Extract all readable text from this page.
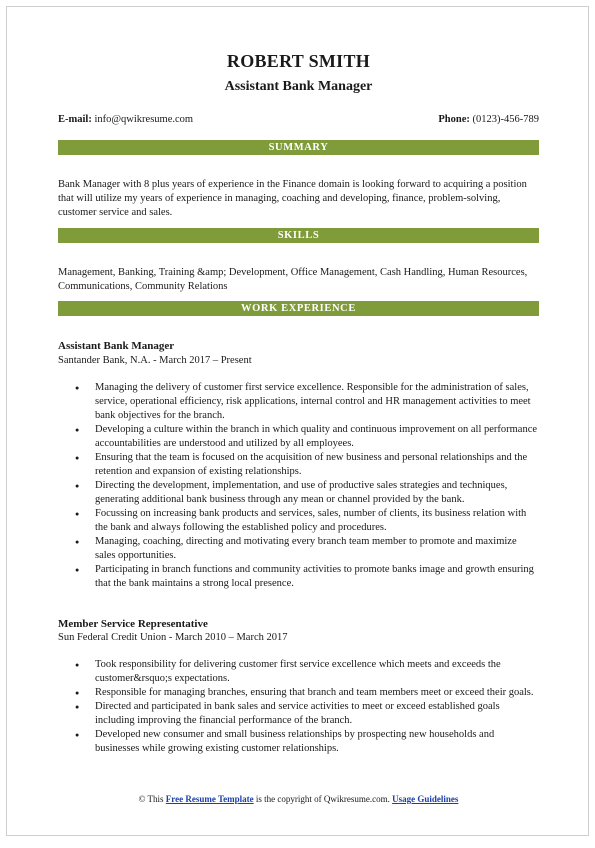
ROBERT SMITH
Assistant Bank Manager
E-mail: info@qwikresume.com	Phone: (0123)-456-789
SUMMARY
Bank Manager with 8 plus years of experience in the Finance domain is looking forward to acquiring a position that will utilize my years of experience in managing, coaching and developing, finance, problem-solving, customer service and sales.
SKILLS
Management, Banking, Training &amp; Development, Office Management, Cash Handling, Human Resources, Communications, Community Relations
WORK EXPERIENCE
Assistant Bank Manager
Santander Bank, N.A. - March 2017 – Present
● Managing the delivery of customer first service excellence. Responsible for the administration of sales, service, operational efficiency, risk applications, internal control and HR management activities to meet bank objectives for the branch.
● Developing a culture within the branch in which quality and continuous improvement on all performance accountabilities are understood and utilized by all employees.
● Ensuring that the team is focused on the acquisition of new business and personal relationships and the retention and expansion of existing relationships.
● Directing the development, implementation, and use of productive sales strategies and techniques, generating additional bank business through any mean or channel provided by the bank.
● Focussing on increasing bank products and services, sales, number of clients, its business relation with the bank and always following the established policy and procedures.
● Managing, coaching, directing and motivating every branch team member to promote and maximize sales opportunities.
● Participating in branch functions and community activities to promote banks image and growth ensuring that the bank maintains a strong local presence.
Member Service Representative
Sun Federal Credit Union - March 2010 – March 2017
● Took responsibility for delivering customer first service excellence which meets and exceeds the customer&rsquo;s expectations.
● Responsible for managing branches, ensuring that branch and team members meet or exceed their goals.
● Directed and participated in bank sales and service activities to meet or exceed established goals including improving the financial performance of the branch.
● Developed new consumer and small business relationships by prospecting new households and businesses while growing existing customer relationships.
© This Free Resume Template is the copyright of Qwikresume.com. Usage Guidelines
